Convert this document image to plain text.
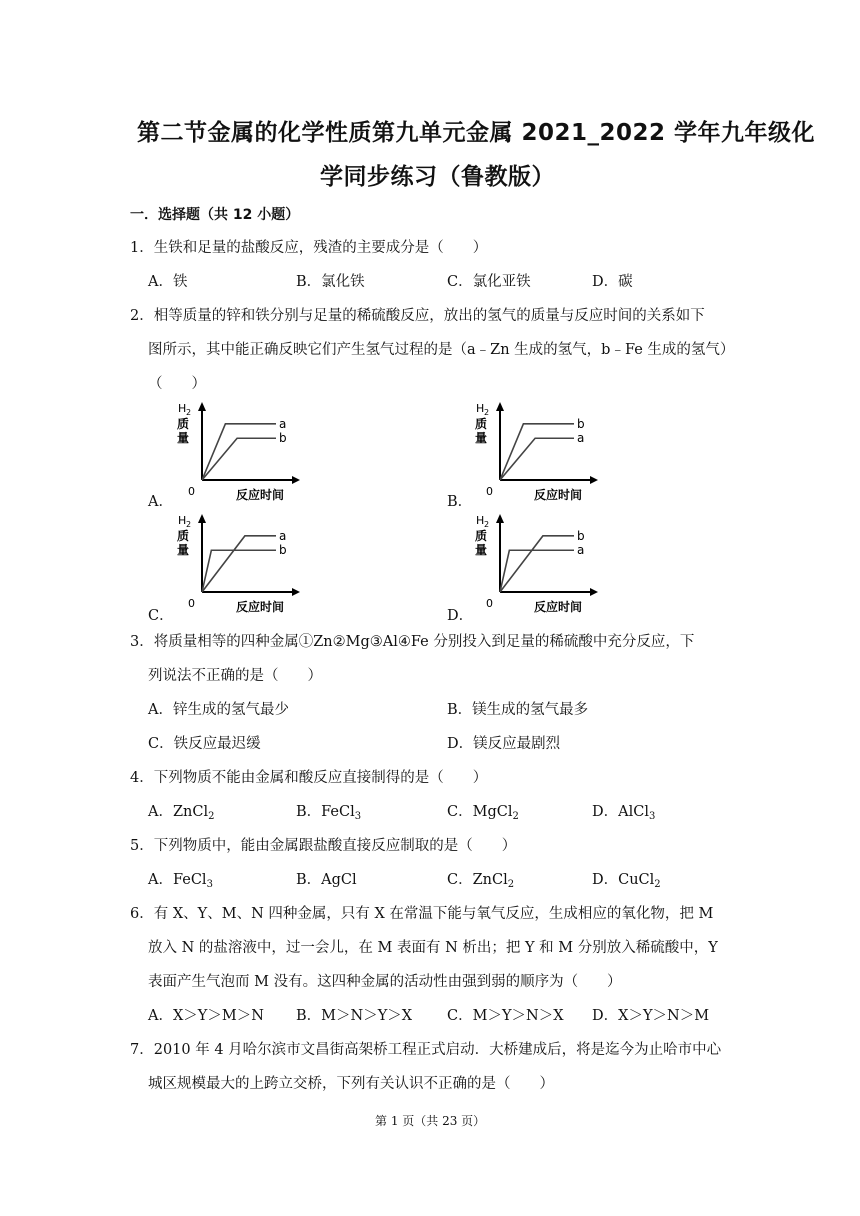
第二节金属的化学性质第九单元金属 2021_2022 学年九年级化
学同步练习（鲁教版）
一．选择题（共 12 小题）
1．生铁和足量的盐酸反应，残渣的主要成分是（　　）
A．铁	B．氯化铁	C．氯化亚铁	D．碳
2．相等质量的锌和铁分别与足量的稀硫酸反应，放出的氢气的质量与反应时间的关系如下
图所示，其中能正确反映它们产生氢气过程的是（a﹣Zn 生成的氢气，b﹣Fe 生成的氢气）
（　　）
A．	B．
C．	D．
H 2
质
量
0	反应时间
a
b
H 2
质
量
0	反应时间
b
a
H 2
质
量
0	反应时间
a
b
H 2
质
量
0	反应时间
b
a
3．将质量相等的四种金属①Zn②Mg③Al④Fe 分别投入到足量的稀硫酸中充分反应，下
列说法不正确的是（　　）
A．锌生成的氢气最少	B．镁生成的氢气最多
C．铁反应最迟缓	D．镁反应最剧烈
4．下列物质不能由金属和酸反应直接制得的是（　　）
A．ZnCl$_2$	B．FeCl$_3$	C．MgCl$_2$	D．AlCl$_3$
5．下列物质中，能由金属跟盐酸直接反应制取的是（　　）
A．FeCl$_3$	B．AgCl	C．ZnCl$_2$	D．CuCl$_2$
6．有 X、Y、M、N 四种金属，只有 X 在常温下能与氧气反应，生成相应的氧化物，把 M
放入 N 的盐溶液中，过一会儿，在 M 表面有 N 析出；把 Y 和 M 分别放入稀硫酸中，Y
表面产生气泡而 M 没有。这四种金属的活动性由强到弱的顺序为（　　）
A．X＞Y＞M＞N B．M＞N＞Y＞X C．M＞Y＞N＞X D．X＞Y＞N＞M
7．2010 年 4 月哈尔滨市文昌街高架桥工程正式启动．大桥建成后，将是迄今为止哈市中心
城区规模最大的上跨立交桥，下列有关认识不正确的是（　　）
第 1 页（共 23 页）
